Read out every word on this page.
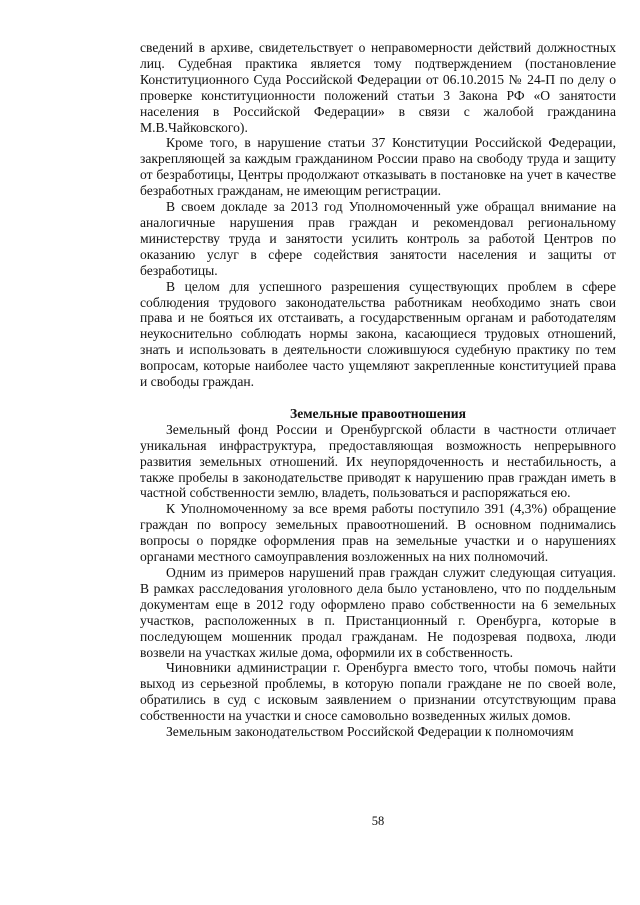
сведений в архиве, свидетельствует о неправомерности действий должностных лиц. Судебная практика является тому подтверждением (постановление Конституционного Суда Российской Федерации от 06.10.2015 № 24-П по делу о проверке конституционности положений статьи 3 Закона РФ «О занятости населения в Российской Федерации» в связи с жалобой гражданина М.В.Чайковского).

Кроме того, в нарушение статьи 37 Конституции Российской Федерации, закрепляющей за каждым гражданином России право на свободу труда и защиту от безработицы, Центры продолжают отказывать в постановке на учет в качестве безработных гражданам, не имеющим регистрации.

В своем докладе за 2013 год Уполномоченный уже обращал внимание на аналогичные нарушения прав граждан и рекомендовал региональному министерству труда и занятости усилить контроль за работой Центров по оказанию услуг в сфере содействия занятости населения и защиты от безработицы.

В целом для успешного разрешения существующих проблем в сфере соблюдения трудового законодательства работникам необходимо знать свои права и не бояться их отстаивать, а государственным органам и работодателям неукоснительно соблюдать нормы закона, касающиеся трудовых отношений, знать и использовать в деятельности сложившуюся судебную практику по тем вопросам, которые наиболее часто ущемляют закрепленные конституцией права и свободы граждан.

Земельные правоотношения

Земельный фонд России и Оренбургской области в частности отличает уникальная инфраструктура, предоставляющая возможность непрерывного развития земельных отношений. Их неупорядоченность и нестабильность, а также пробелы в законодательстве приводят к нарушению прав граждан иметь в частной собственности землю, владеть, пользоваться и распоряжаться ею.

К Уполномоченному за все время работы поступило 391 (4,3%) обращение граждан по вопросу земельных правоотношений. В основном поднимались вопросы о порядке оформления прав на земельные участки и о нарушениях органами местного самоуправления возложенных на них полномочий.

Одним из примеров нарушений прав граждан служит следующая ситуация. В рамках расследования уголовного дела было установлено, что по поддельным документам еще в 2012 году оформлено право собственности на 6 земельных участков, расположенных в п. Пристанционный г. Оренбурга, которые в последующем мошенник продал гражданам. Не подозревая подвоха, люди возвели на участках жилые дома, оформили их в собственность.

Чиновники администрации г. Оренбурга вместо того, чтобы помочь найти выход из серьезной проблемы, в которую попали граждане не по своей воле, обратились в суд с исковым заявлением о признании отсутствующим права собственности на участки и сносе самовольно возведенных жилых домов.

Земельным законодательством Российской Федерации к полномочиям

58
